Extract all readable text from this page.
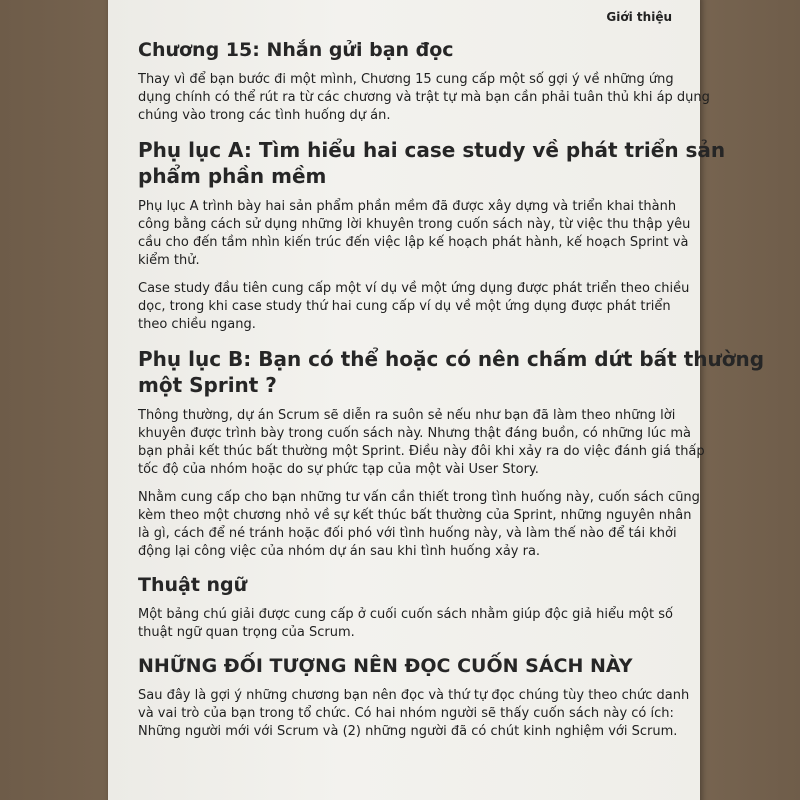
Giới thiệu
Chương 15: Nhắn gửi bạn đọc

Thay vì để bạn bước đi một mình, Chương 15 cung cấp một số gợi ý về những ứng
dụng chính có thể rút ra từ các chương và trật tự mà bạn cần phải tuân thủ khi áp dụng
chúng vào trong các tình huống dự án.

Phụ lục A: Tìm hiểu hai case study về phát triển sản
phẩm phần mềm

Phụ lục A trình bày hai sản phẩm phần mềm đã được xây dựng và triển khai thành
công bằng cách sử dụng những lời khuyên trong cuốn sách này, từ việc thu thập yêu
cầu cho đến tầm nhìn kiến trúc đến việc lập kế hoạch phát hành, kế hoạch Sprint và
kiểm thử.

Case study đầu tiên cung cấp một ví dụ về một ứng dụng được phát triển theo chiều
dọc, trong khi case study thứ hai cung cấp ví dụ về một ứng dụng được phát triển
theo chiều ngang.

Phụ lục B: Bạn có thể hoặc có nên chấm dứt bất thường
một Sprint ?

Thông thường, dự án Scrum sẽ diễn ra suôn sẻ nếu như bạn đã làm theo những lời
khuyên được trình bày trong cuốn sách này. Nhưng thật đáng buồn, có những lúc mà
bạn phải kết thúc bất thường một Sprint. Điều này đôi khi xảy ra do việc đánh giá thấp
tốc độ của nhóm hoặc do sự phức tạp của một vài User Story.

Nhằm cung cấp cho bạn những tư vấn cần thiết trong tình huống này, cuốn sách cũng
kèm theo một chương nhỏ về sự kết thúc bất thường của Sprint, những nguyên nhân
là gì, cách để né tránh hoặc đối phó với tình huống này, và làm thế nào để tái khởi
động lại công việc của nhóm dự án sau khi tình huống xảy ra.

Thuật ngữ

Một bảng chú giải được cung cấp ở cuối cuốn sách nhằm giúp độc giả hiểu một số
thuật ngữ quan trọng của Scrum.

NHỮNG ĐỐI TƯỢNG NÊN ĐỌC CUỐN SÁCH NÀY

Sau đây là gợi ý những chương bạn nên đọc và thứ tự đọc chúng tùy theo chức danh
và vai trò của bạn trong tổ chức. Có hai nhóm người sẽ thấy cuốn sách này có ích:
Những người mới với Scrum và (2) những người đã có chút kinh nghiệm với Scrum.
